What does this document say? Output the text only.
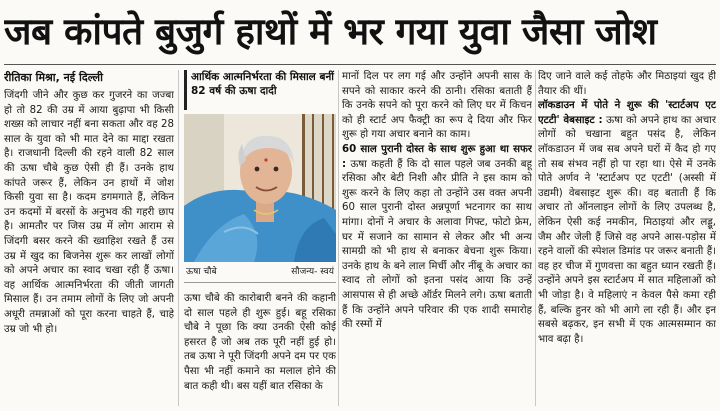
जब कांपते बुजुर्ग हाथों में भर गया युवा जैसा जोश

रीतिका मिश्रा, नई दिल्ली

जिंदगी जीने और कुछ कर गुजरने का जज्बा हो तो 82 की उम्र में आया बुढ़ापा भी किसी शख्स को लाचार नहीं बना सकता और वह 28 साल के युवा को भी मात देने का माद्दा रखता है। राजधानी दिल्ली की रहने वाली 82 साल की ऊषा चौबे कुछ ऐसी ही हैं। उनके हाथ कांपते जरूर हैं, लेकिन उन हाथों में जोश किसी युवा सा है। कदम डगमगाते हैं, लेकिन उन कदमों में बरसों के अनुभव की गहरी छाप है। आमतौर पर जिस उम्र में लोग आराम से जिंदगी बसर करने की ख्वाहिश रखते हैं उस उम्र में खुद का बिजनेस शुरू कर लाखों लोगों को अपने अचार का स्वाद चखा रही हैं ऊषा। वह आर्थिक आत्मनिर्भरता की जीती जागती मिसाल हैं। उन तमाम लोगों के लिए जो अपनी अधूरी तमन्नाओं को पूरा करना चाहते हैं, चाहे उम्र जो भी हो।

आर्थिक आत्मनिर्भरता की मिसाल बनीं 82 वर्ष की ऊषा दादी
ऊषा चौबे	सौजन्य- स्वयं

ऊषा चौबे की कारोबारी बनने की कहानी दो साल पहले ही शुरू हुई। बहू रसिका चौबे ने पूछा कि क्या उनकी ऐसी कोई हसरत है जो अब तक पूरी नहीं हुई हो। तब ऊषा ने पूरी जिंदगी अपने दम पर एक पैसा भी नहीं कमाने का मलाल होने की बात कही थी। बस यहीं बात रसिका के

मानों दिल पर लग गई और उन्होंने अपनी सास के सपने को साकार करने की ठानी। रसिका बताती हैं कि उनके सपने को पूरा करने को लिए घर में किचन को ही स्टार्ट अप फैक्ट्री का रूप दे दिया और फिर शुरू हो गया अचार बनाने का काम।

60 साल पुरानी दोस्त के साथ शुरू हुआ था सफर : ऊषा कहती हैं कि दो साल पहले जब उनकी बहू रसिका और बेटी निशी और प्रीति ने इस काम को शुरू करने के लिए कहा तो उन्होंने उस वक्त अपनी 60 साल पुरानी दोस्त अन्नपूर्णा भटनागर का साथ मांगा। दोनों ने अचार के अलावा गिफ्ट, फोटो फ्रेम, घर में सजाने का सामान से लेकर और भी अन्य सामग्री को भी हाथ से बनाकर बेचना शुरू किया। उनके हाथ के बने लाल मिर्ची और नींबू के अचार का स्वाद तो लोगों को इतना पसंद आया कि उन्हें आसपास से ही अच्छे ऑर्डर मिलने लगे। ऊषा बताती हैं कि उन्होंने अपने परिवार की एक शादी समारोह की रस्मों में

दिए जाने वाले कई तोहफे और मिठाइयां खुद ही तैयार की थीं।

लॉकडाउन में पोते ने शुरू की 'स्टार्टअप एट एटटी' वेबसाइट : ऊषा को अपने हाथ का अचार लोगों को चखाना बहुत पसंद है, लेकिन लॉकडाउन में जब सब अपने घरों में कैद हो गए तो सब संभव नहीं हो पा रहा था। ऐसे में उनके पोते अर्णव ने 'स्टार्टअप एट एटटी' (अस्सी में उद्यमी) वेबसाइट शुरू की। वह बताती हैं कि अचार तो ऑनलाइन लोगों के लिए उपलब्ध है, लेकिन ऐसी कई नमकीन, मिठाइयां और लड्डू, जैम और जेली हैं जिसे वह अपने आस-पड़ोस में रहने वालों की स्पेशल डिमांड पर जरूर बनाती हैं। वह हर चीज में गुणवत्ता का बहुत ध्यान रखती हैं। उन्होंने अपने इस स्टार्टअप में सात महिलाओं को भी जोड़ा है। वे महिलाएं न केवल पैसे कमा रही हैं, बल्कि हुनर को भी आगे ला रही हैं। और इन सबसे बढ़कर, इन सभी में एक आत्मसम्मान का भाव बढ़ा है।
